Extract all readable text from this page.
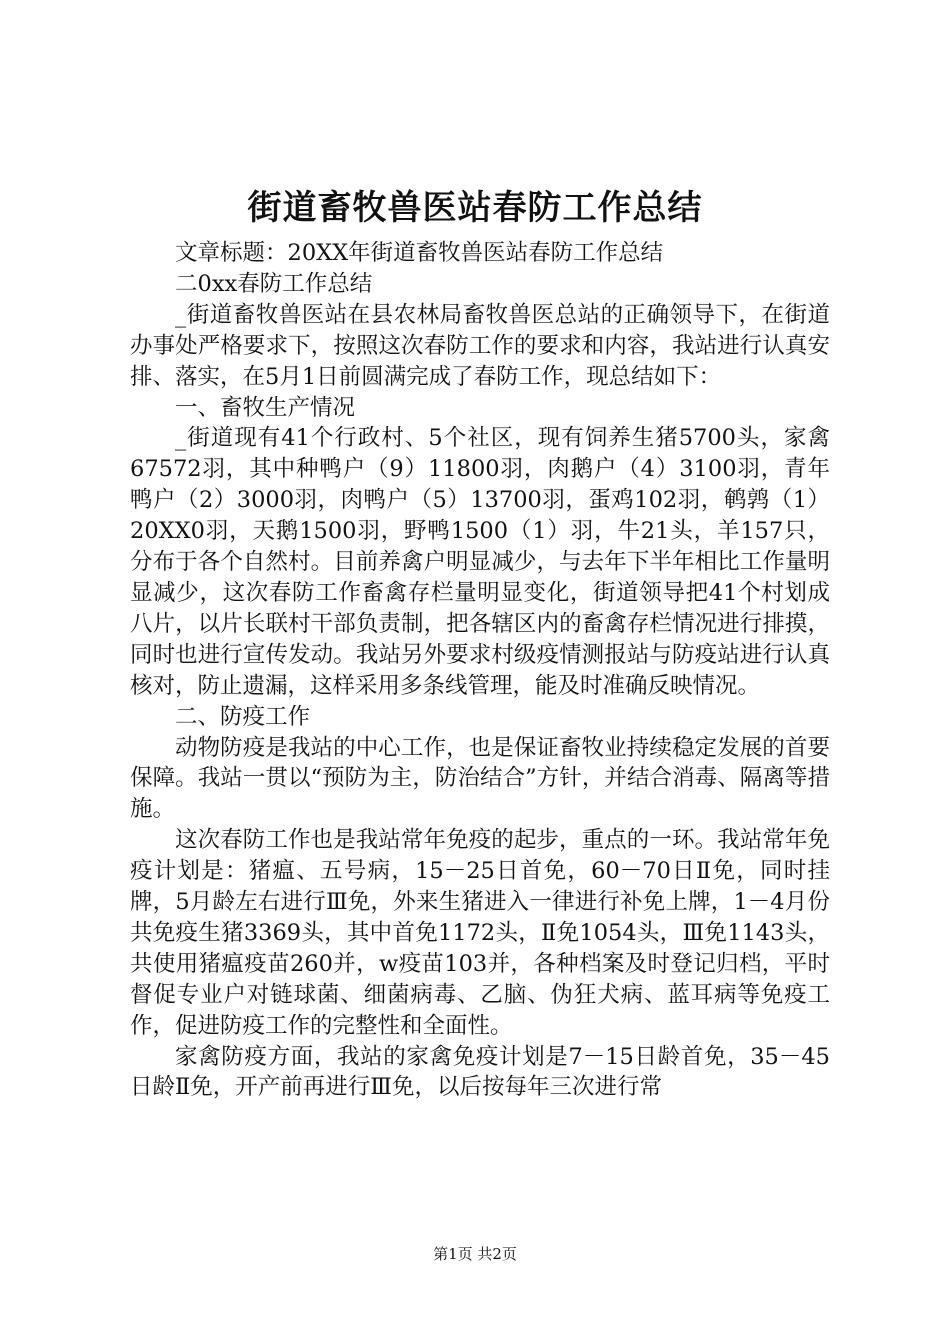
街道畜牧兽医站春防工作总结

文章标题：20XX年街道畜牧兽医站春防工作总结

二0xx春防工作总结

_街道畜牧兽医站在县农林局畜牧兽医总站的正确领导下，在街道办事处严格要求下，按照这次春防工作的要求和内容，我站进行认真安排、落实，在5月1日前圆满完成了春防工作，现总结如下：

一、畜牧生产情况

_街道现有41个行政村、5个社区，现有饲养生猪5700头，家禽67572羽，其中种鸭户（9）11800羽，肉鹅户（4）3100羽，青年鸭户（2）3000羽，肉鸭户（5）13700羽，蛋鸡102羽，鹌鹑（1）20XX0羽，天鹅1500羽，野鸭1500（1）羽，牛21头，羊157只，分布于各个自然村。目前养禽户明显减少，与去年下半年相比工作量明显减少，这次春防工作畜禽存栏量明显变化，街道领导把41个村划成八片，以片长联村干部负责制，把各辖区内的畜禽存栏情况进行排摸，同时也进行宣传发动。我站另外要求村级疫情测报站与防疫站进行认真核对，防止遗漏，这样采用多条线管理，能及时准确反映情况。

二、防疫工作

动物防疫是我站的中心工作，也是保证畜牧业持续稳定发展的首要保障。我站一贯以“预防为主，防治结合”方针，并结合消毒、隔离等措施。

这次春防工作也是我站常年免疫的起步，重点的一环。我站常年免疫计划是：猪瘟、五号病，15－25日首免，60－70日Ⅱ免，同时挂牌，5月龄左右进行Ⅲ免，外来生猪进入一律进行补免上牌，1－4月份共免疫生猪3369头，其中首免1172头，Ⅱ免1054头，Ⅲ免1143头，共使用猪瘟疫苗260并，w疫苗103并，各种档案及时登记归档，平时督促专业户对链球菌、细菌病毒、乙脑、伪狂犬病、蓝耳病等免疫工作，促进防疫工作的完整性和全面性。

家禽防疫方面，我站的家禽免疫计划是7－15日龄首免，35－45日龄Ⅱ免，开产前再进行Ⅲ免，以后按每年三次进行常

第1页 共2页
